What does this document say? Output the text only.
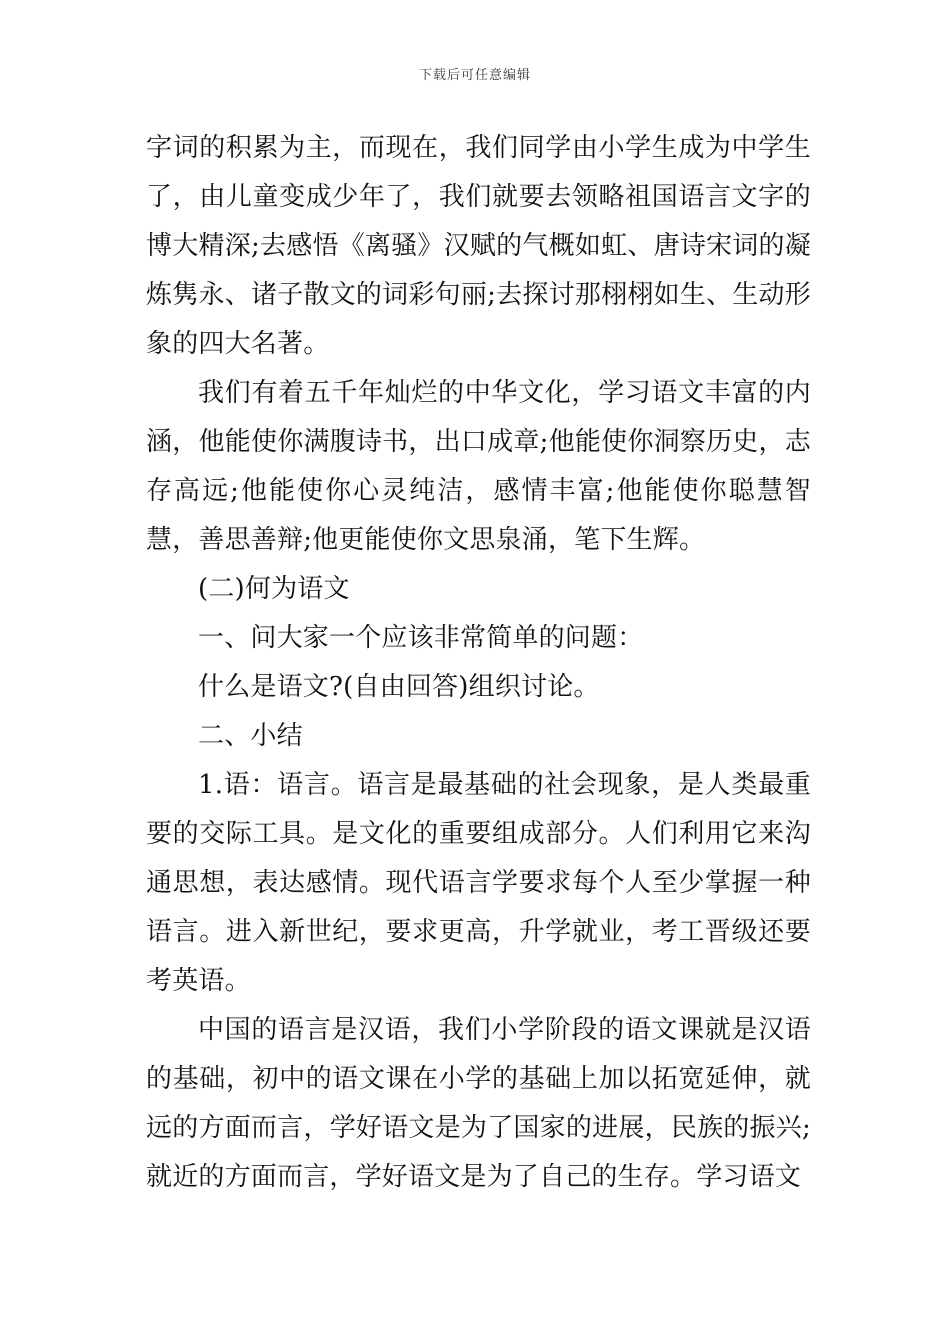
下载后可任意编辑

字词的积累为主，而现在，我们同学由小学生成为中学生了，由儿童变成少年了，我们就要去领略祖国语言文字的博大精深;去感悟《离骚》汉赋的气概如虹、唐诗宋词的凝炼隽永、诸子散文的词彩句丽;去探讨那栩栩如生、生动形象的四大名著。

我们有着五千年灿烂的中华文化，学习语文丰富的内涵，他能使你满腹诗书，出口成章;他能使你洞察历史，志存高远;他能使你心灵纯洁，感情丰富;他能使你聪慧智慧，善思善辩;他更能使你文思泉涌，笔下生辉。

(二)何为语文

一、问大家一个应该非常简单的问题：

什么是语文?(自由回答)组织讨论。

二、小结

1.语：语言。语言是最基础的社会现象，是人类最重要的交际工具。是文化的重要组成部分。人们利用它来沟通思想，表达感情。现代语言学要求每个人至少掌握一种语言。进入新世纪，要求更高，升学就业，考工晋级还要考英语。

中国的语言是汉语，我们小学阶段的语文课就是汉语的基础，初中的语文课在小学的基础上加以拓宽延伸，就远的方面而言，学好语文是为了国家的进展，民族的振兴;就近的方面而言，学好语文是为了自己的生存。学习语文
